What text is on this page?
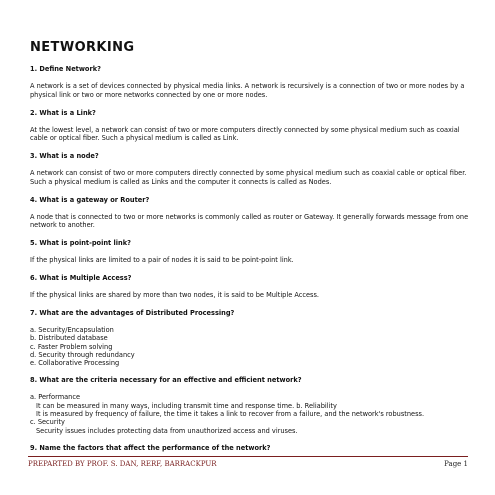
NETWORKING

1. Define Network?

A network is a set of devices connected by physical media links. A network is recursively is a connection of two or more nodes by a physical link or two or more networks connected by one or more nodes.

2. What is a Link?

At the lowest level, a network can consist of two or more computers directly connected by some physical medium such as coaxial cable or optical fiber. Such a physical medium is called as Link.

3. What is a node?

A network can consist of two or more computers directly connected by some physical medium such as coaxial cable or optical fiber. Such a physical medium is called as Links and the computer it connects is called as Nodes.

4. What is a gateway or Router?

A node that is connected to two or more networks is commonly called as router or Gateway. It generally forwards message from one network to another.

5. What is point-point link?

If the physical links are limited to a pair of nodes it is said to be point-point link.

6. What is Multiple Access?

If the physical links are shared by more than two nodes, it is said to be Multiple Access.

7. What are the advantages of Distributed Processing?

a. Security/Encapsulation
b. Distributed database
c. Faster Problem solving
d. Security through redundancy
e. Collaborative Processing

8. What are the criteria necessary for an effective and efficient network?

a. Performance
It can be measured in many ways, including transmit time and response time. b. Reliability
It is measured by frequency of failure, the time it takes a link to recover from a failure, and the network's robustness.
c. Security
Security issues includes protecting data from unauthorized access and viruses.

9. Name the factors that affect the performance of the network?

PREPARTED BY PROF. S. DAN, RERF, BARRACKPUR	Page 1
